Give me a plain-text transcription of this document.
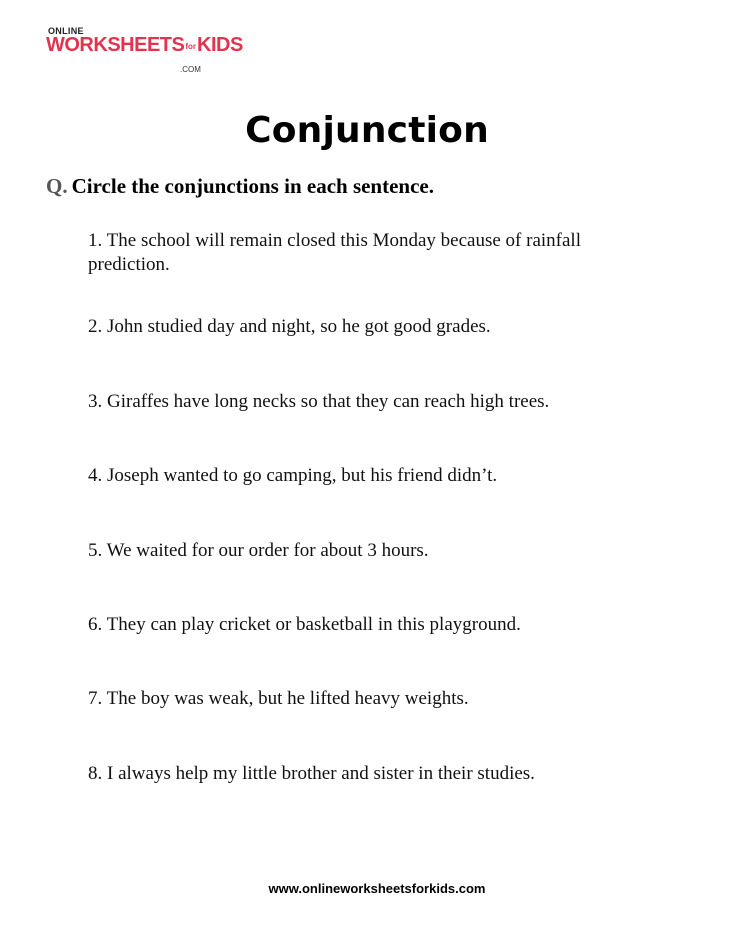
ONLINE
WORKSHEETSforKIDS
.COM
Conjunction
Q. Circle the conjunctions in each sentence.
1. The school will remain closed this Monday because of rainfall prediction.
2. John studied day and night, so he got good grades.
3. Giraffes have long necks so that they can reach high trees.
4. Joseph wanted to go camping, but his friend didn’t.
5. We waited for our order for about 3 hours.
6. They can play cricket or basketball in this playground.
7. The boy was weak, but he lifted heavy weights.
8. I always help my little brother and sister in their studies.
www.onlineworksheetsforkids.com
